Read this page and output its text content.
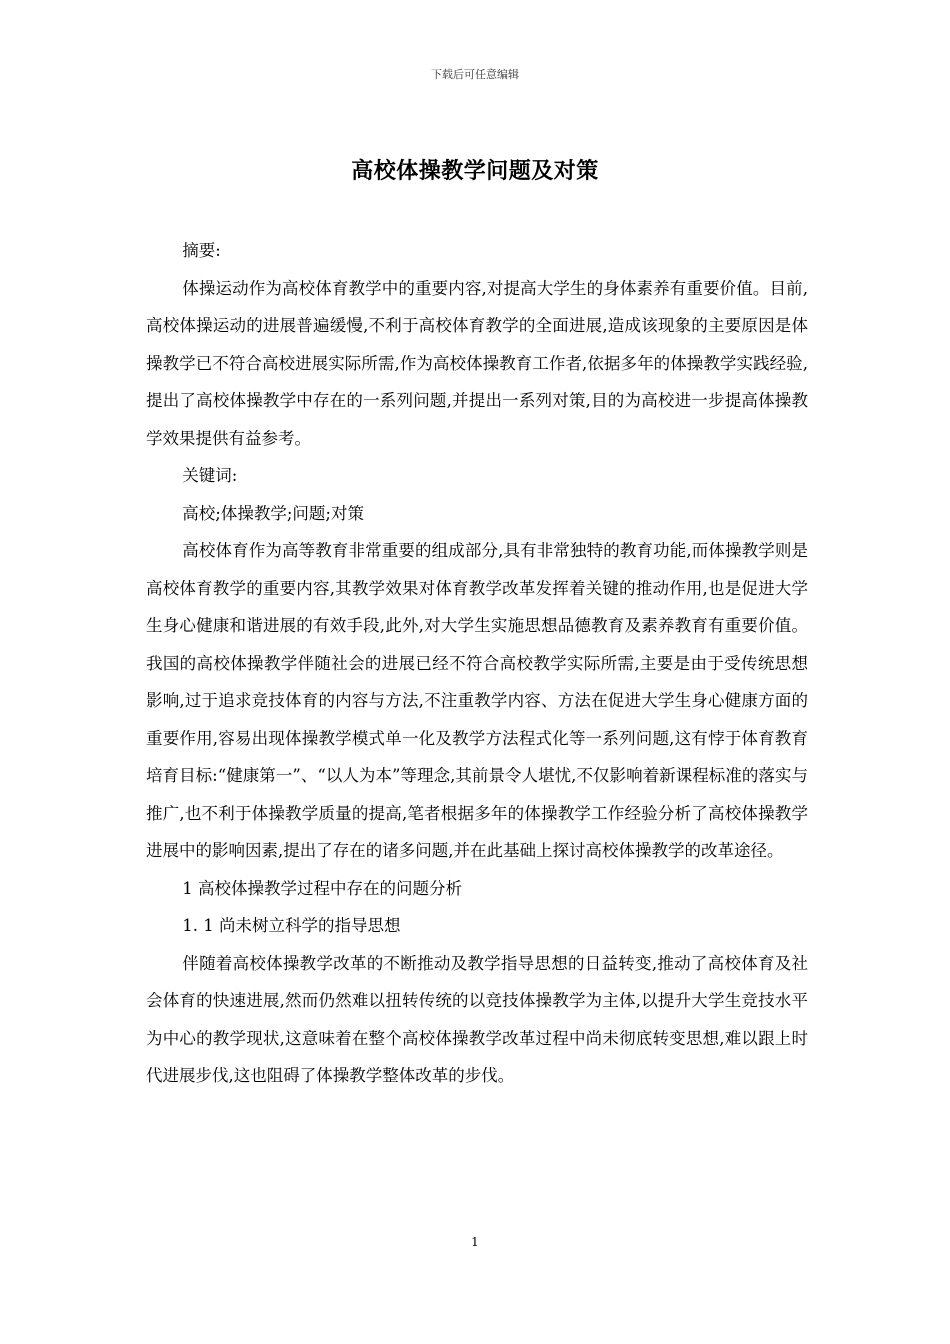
下载后可任意编辑
高校体操教学问题及对策

摘要:

体操运动作为高校体育教学中的重要内容,对提高大学生的身体素养有重要价值。目前,高校体操运动的进展普遍缓慢,不利于高校体育教学的全面进展,造成该现象的主要原因是体操教学已不符合高校进展实际所需,作为高校体操教育工作者,依据多年的体操教学实践经验,提出了高校体操教学中存在的一系列问题,并提出一系列对策,目的为高校进一步提高体操教学效果提供有益参考。

关键词:

高校;体操教学;问题;对策

高校体育作为高等教育非常重要的组成部分,具有非常独特的教育功能,而体操教学则是高校体育教学的重要内容,其教学效果对体育教学改革发挥着关键的推动作用,也是促进大学生身心健康和谐进展的有效手段,此外,对大学生实施思想品德教育及素养教育有重要价值。我国的高校体操教学伴随社会的进展已经不符合高校教学实际所需,主要是由于受传统思想影响,过于追求竞技体育的内容与方法,不注重教学内容、方法在促进大学生身心健康方面的重要作用,容易出现体操教学模式单一化及教学方法程式化等一系列问题,这有悖于体育教育培育目标:“健康第一”、“以人为本”等理念,其前景令人堪忧,不仅影响着新课程标准的落实与推广,也不利于体操教学质量的提高,笔者根据多年的体操教学工作经验分析了高校体操教学进展中的影响因素,提出了存在的诸多问题,并在此基础上探讨高校体操教学的改革途径。

1 高校体操教学过程中存在的问题分析

1. 1 尚未树立科学的指导思想

伴随着高校体操教学改革的不断推动及教学指导思想的日益转变,推动了高校体育及社会体育的快速进展,然而仍然难以扭转传统的以竞技体操教学为主体,以提升大学生竞技水平为中心的教学现状,这意味着在整个高校体操教学改革过程中尚未彻底转变思想,难以跟上时代进展步伐,这也阻碍了体操教学整体改革的步伐。

1
